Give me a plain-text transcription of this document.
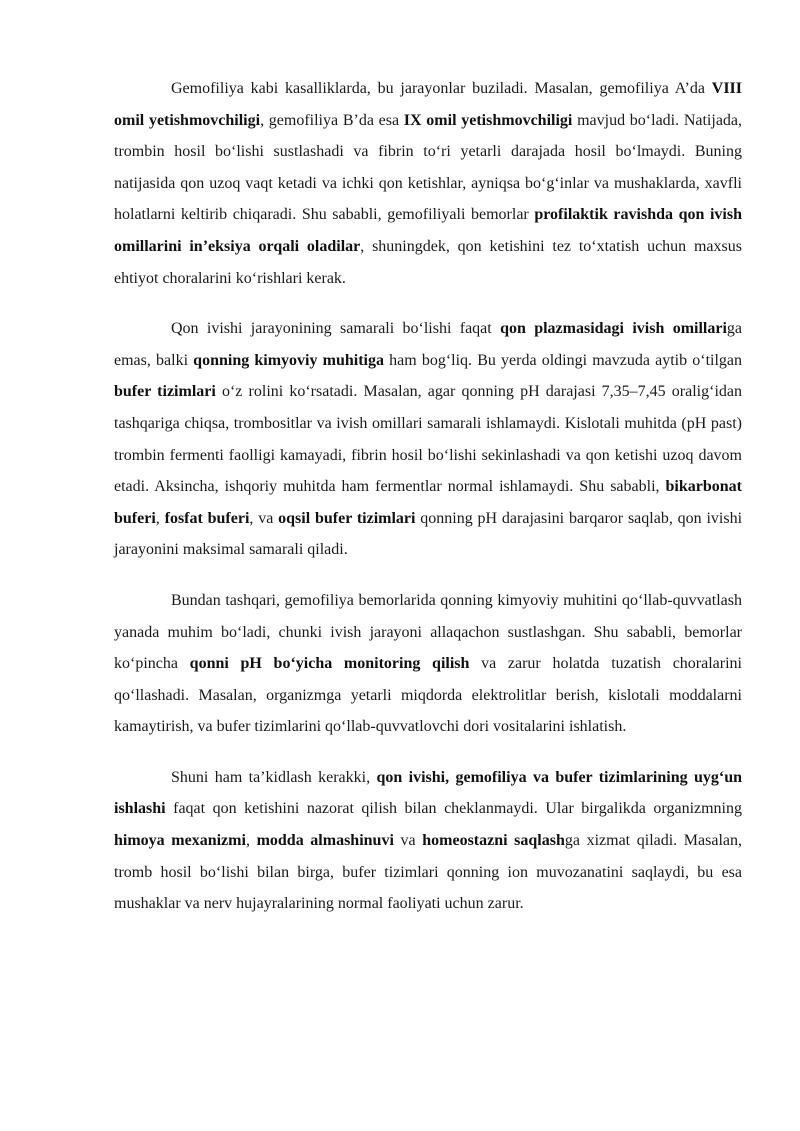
Gemofiliya kabi kasalliklarda, bu jarayonlar buziladi. Masalan, gemofiliya A’da VIII omil yetishmovchiligi, gemofiliya B’da esa IX omil yetishmovchiligi mavjud bo‘ladi. Natijada, trombin hosil bo‘lishi sustlashadi va fibrin to‘ri yetarli darajada hosil bo‘lmaydi. Buning natijasida qon uzoq vaqt ketadi va ichki qon ketishlar, ayniqsa bo‘g‘inlar va mushaklarda, xavfli holatlarni keltirib chiqaradi. Shu sababli, gemofiliyali bemorlar profilaktik ravishda qon ivish omillarini in’eksiya orqali oladilar, shuningdek, qon ketishini tez to‘xtatish uchun maxsus ehtiyot choralarini ko‘rishlari kerak.

Qon ivishi jarayonining samarali bo‘lishi faqat qon plazmasidagi ivish omillariga emas, balki qonning kimyoviy muhitiga ham bog‘liq. Bu yerda oldingi mavzuda aytib o‘tilgan bufer tizimlari o‘z rolini ko‘rsatadi. Masalan, agar qonning pH darajasi 7,35–7,45 oralig‘idan tashqariga chiqsa, trombositlar va ivish omillari samarali ishlamaydi. Kislotali muhitda (pH past) trombin fermenti faolligi kamayadi, fibrin hosil bo‘lishi sekinlashadi va qon ketishi uzoq davom etadi. Aksincha, ishqoriy muhitda ham fermentlar normal ishlamaydi. Shu sababli, bikarbonat buferi, fosfat buferi, va oqsil bufer tizimlari qonning pH darajasini barqaror saqlab, qon ivishi jarayonini maksimal samarali qiladi.

Bundan tashqari, gemofiliya bemorlarida qonning kimyoviy muhitini qo‘llab-quvvatlash yanada muhim bo‘ladi, chunki ivish jarayoni allaqachon sustlashgan. Shu sababli, bemorlar ko‘pincha qonni pH bo‘yicha monitoring qilish va zarur holatda tuzatish choralarini qo‘llashadi. Masalan, organizmga yetarli miqdorda elektrolitlar berish, kislotali moddalarni kamaytirish, va bufer tizimlarini qo‘llab-quvvatlovchi dori vositalarini ishlatish.

Shuni ham ta’kidlash kerakki, qon ivishi, gemofiliya va bufer tizimlarining uyg‘un ishlashi faqat qon ketishini nazorat qilish bilan cheklanmaydi. Ular birgalikda organizmning himoya mexanizmi, modda almashinuvi va homeostazni saqlashga xizmat qiladi. Masalan, tromb hosil bo‘lishi bilan birga, bufer tizimlari qonning ion muvozanatini saqlaydi, bu esa mushaklar va nerv hujayralarining normal faoliyati uchun zarur.
